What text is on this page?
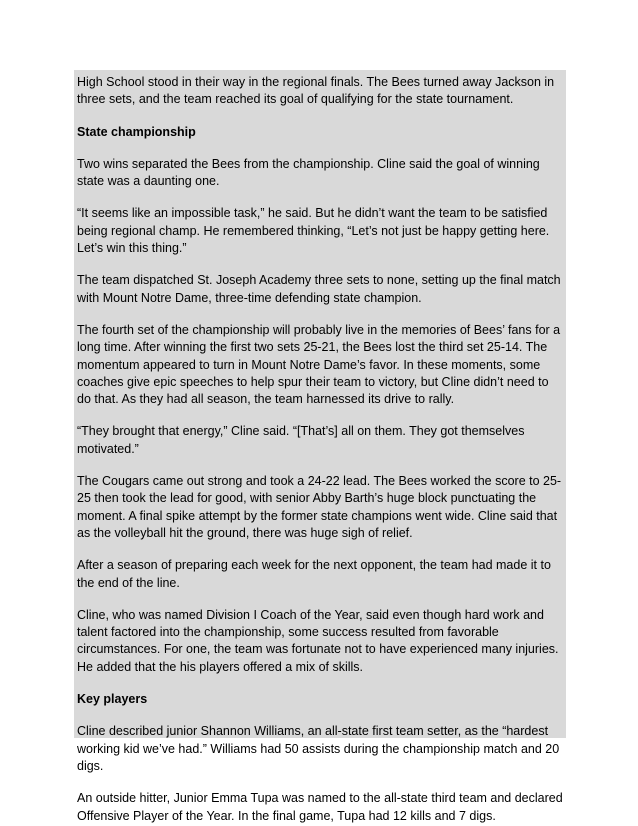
High School stood in their way in the regional finals. The Bees turned away Jackson in three sets, and the team reached its goal of qualifying for the state tournament.

State championship

Two wins separated the Bees from the championship. Cline said the goal of winning state was a daunting one.

“It seems like an impossible task,” he said. But he didn’t want the team to be satisfied being regional champ. He remembered thinking, “Let’s not just be happy getting here. Let’s win this thing.”

The team dispatched St. Joseph Academy three sets to none, setting up the final match with Mount Notre Dame, three-time defending state champion.

The fourth set of the championship will probably live in the memories of Bees’ fans for a long time. After winning the first two sets 25-21, the Bees lost the third set 25-14. The momentum appeared to turn in Mount Notre Dame’s favor. In these moments, some coaches give epic speeches to help spur their team to victory, but Cline didn’t need to do that. As they had all season, the team harnessed its drive to rally.

“They brought that energy,” Cline said. “[That’s] all on them. They got themselves motivated.”

The Cougars came out strong and took a 24-22 lead. The Bees worked the score to 25-25 then took the lead for good, with senior Abby Barth’s huge block punctuating the moment. A final spike attempt by the former state champions went wide. Cline said that as the volleyball hit the ground, there was huge sigh of relief.

After a season of preparing each week for the next opponent, the team had made it to the end of the line.

Cline, who was named Division I Coach of the Year, said even though hard work and talent factored into the championship, some success resulted from favorable circumstances. For one, the team was fortunate not to have experienced many injuries. He added that the his players offered a mix of skills.

Key players

Cline described junior Shannon Williams, an all-state first team setter, as the “hardest working kid we’ve had.” Williams had 50 assists during the championship match and 20 digs.

An outside hitter, Junior Emma Tupa was named to the all-state third team and declared Offensive Player of the Year. In the final game, Tupa had 12 kills and 7 digs.
